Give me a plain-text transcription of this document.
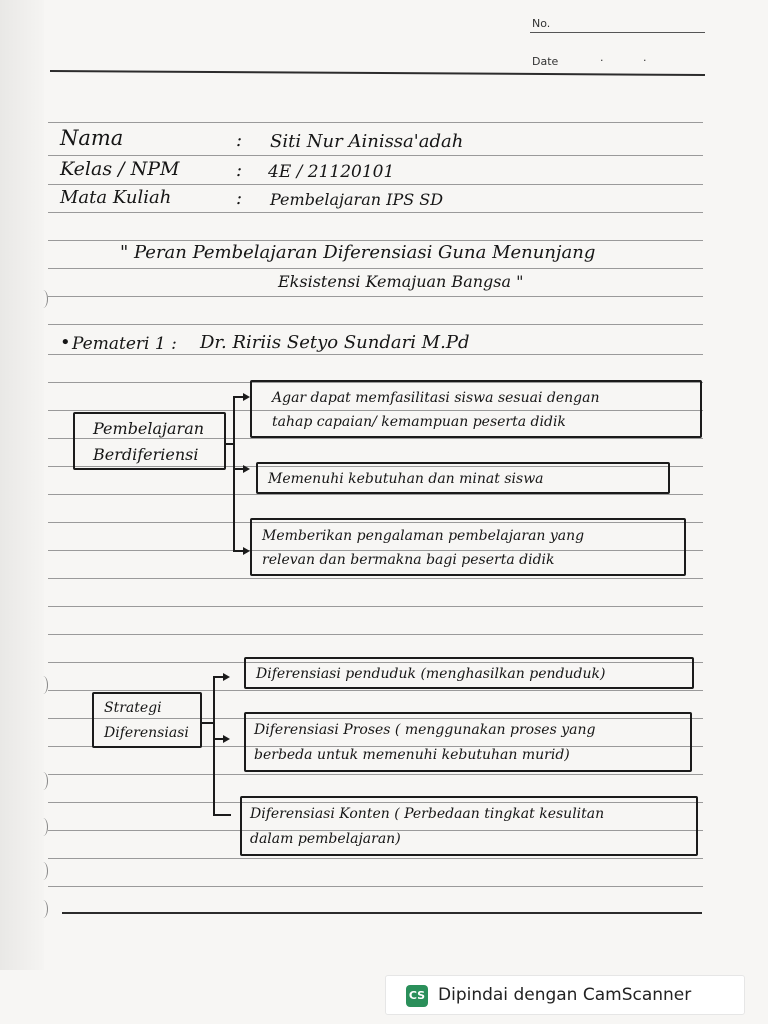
No.
Date	· ·
Nama	: Siti Nur Ainissa'adah
Kelas / NPM	: 4E / 21120101
Mata Kuliah	: Pembelajaran IPS SD
" Peran Pembelajaran Diferensiasi Guna Menunjang
Eksistensi Kemajuan Bangsa "
• Pemateri 1 : Dr. Ririis Setyo Sundari M.Pd
Pembelajaran
Berdiferiensi
Agar dapat memfasilitasi siswa sesuai dengan
tahap capaian/ kemampuan peserta didik
Memenuhi kebutuhan dan minat siswa
Memberikan pengalaman pembelajaran yang
relevan dan bermakna bagi peserta didik
Strategi
Diferensiasi
Diferensiasi penduduk (menghasilkan penduduk)
Diferensiasi Proses ( menggunakan proses yang
berbeda untuk memenuhi kebutuhan murid)
Diferensiasi Konten ( Perbedaan tingkat kesulitan
dalam pembelajaran)
CS Dipindai dengan CamScanner
